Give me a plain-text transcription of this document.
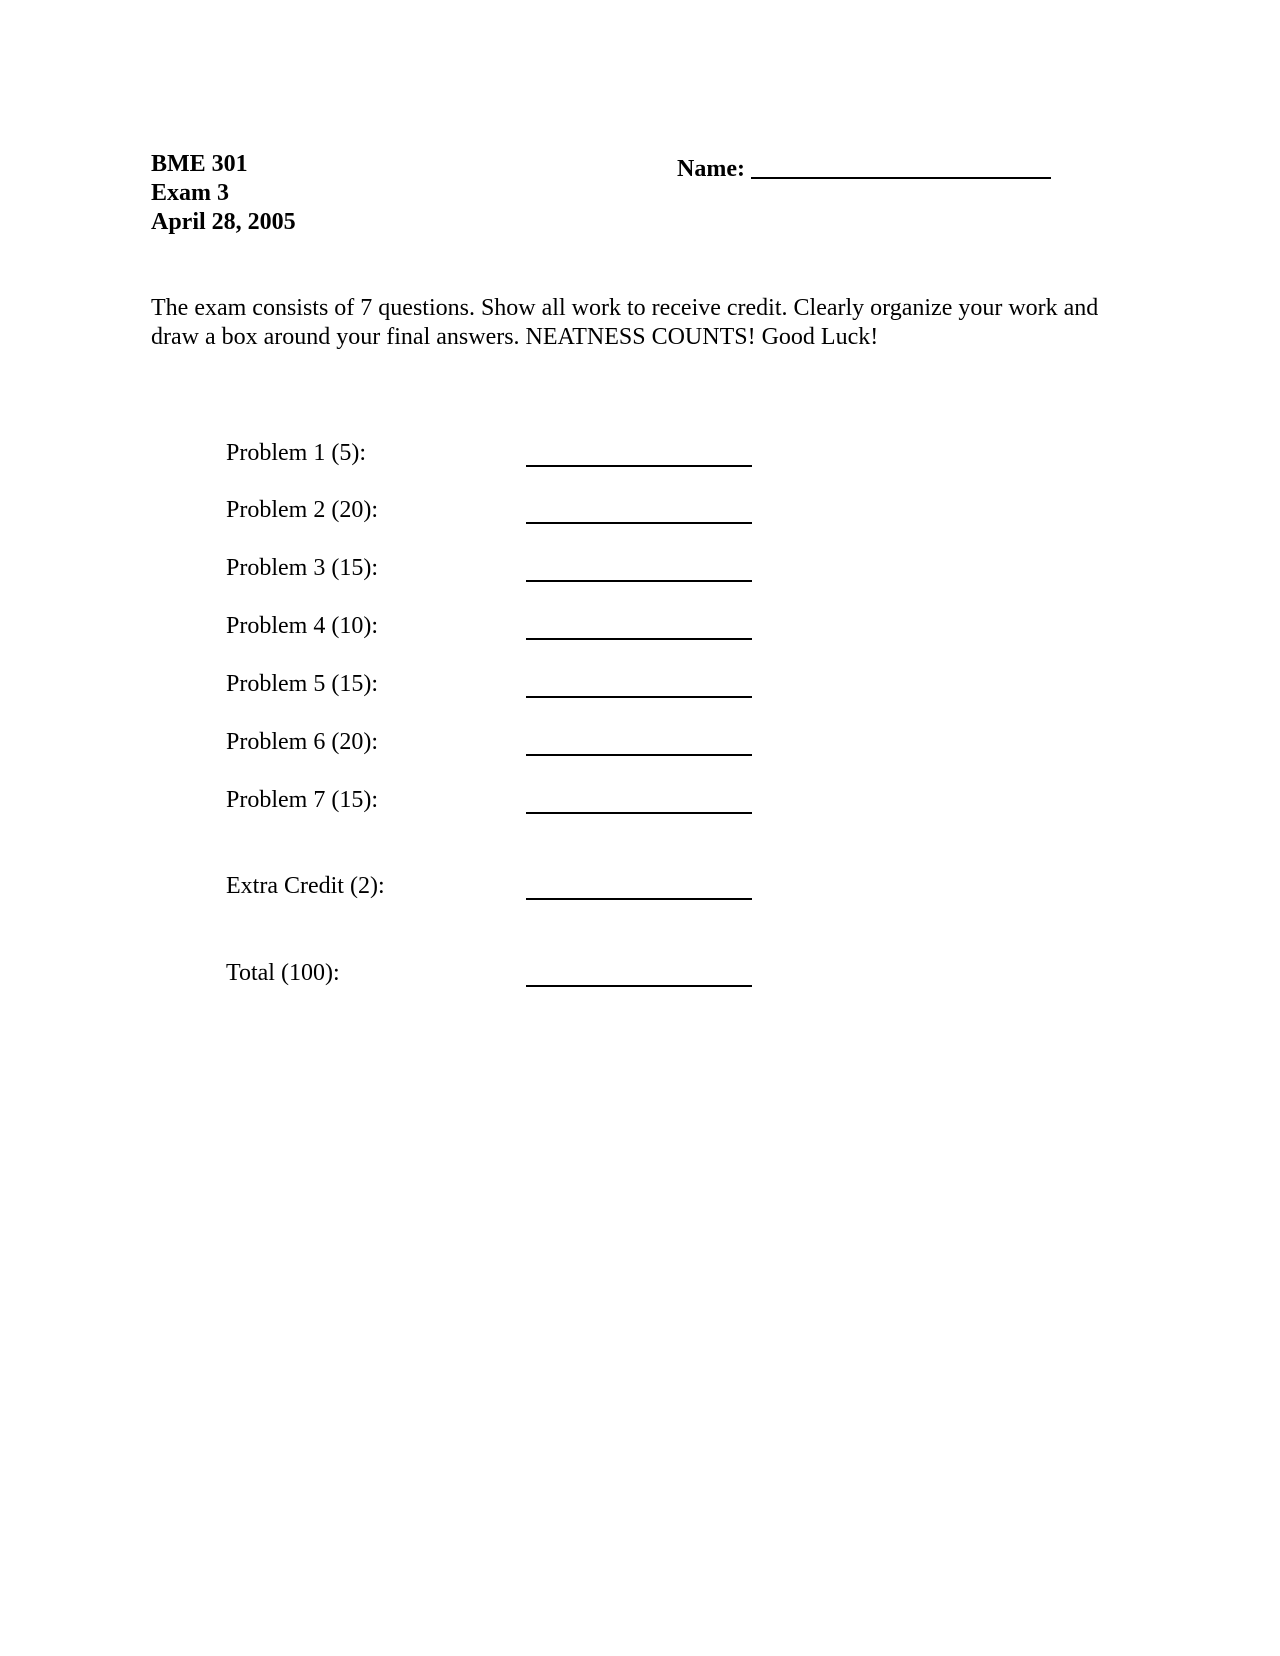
BME 301
Exam 3
April 28, 2005
Name:
The exam consists of 7 questions. Show all work to receive credit. Clearly organize your work and draw a box around your final answers. NEATNESS COUNTS! Good Luck!
Problem 1 (5):
Problem 2 (20):
Problem 3 (15):
Problem 4 (10):
Problem 5 (15):
Problem 6 (20):
Problem 7 (15):
Extra Credit (2):
Total (100):
